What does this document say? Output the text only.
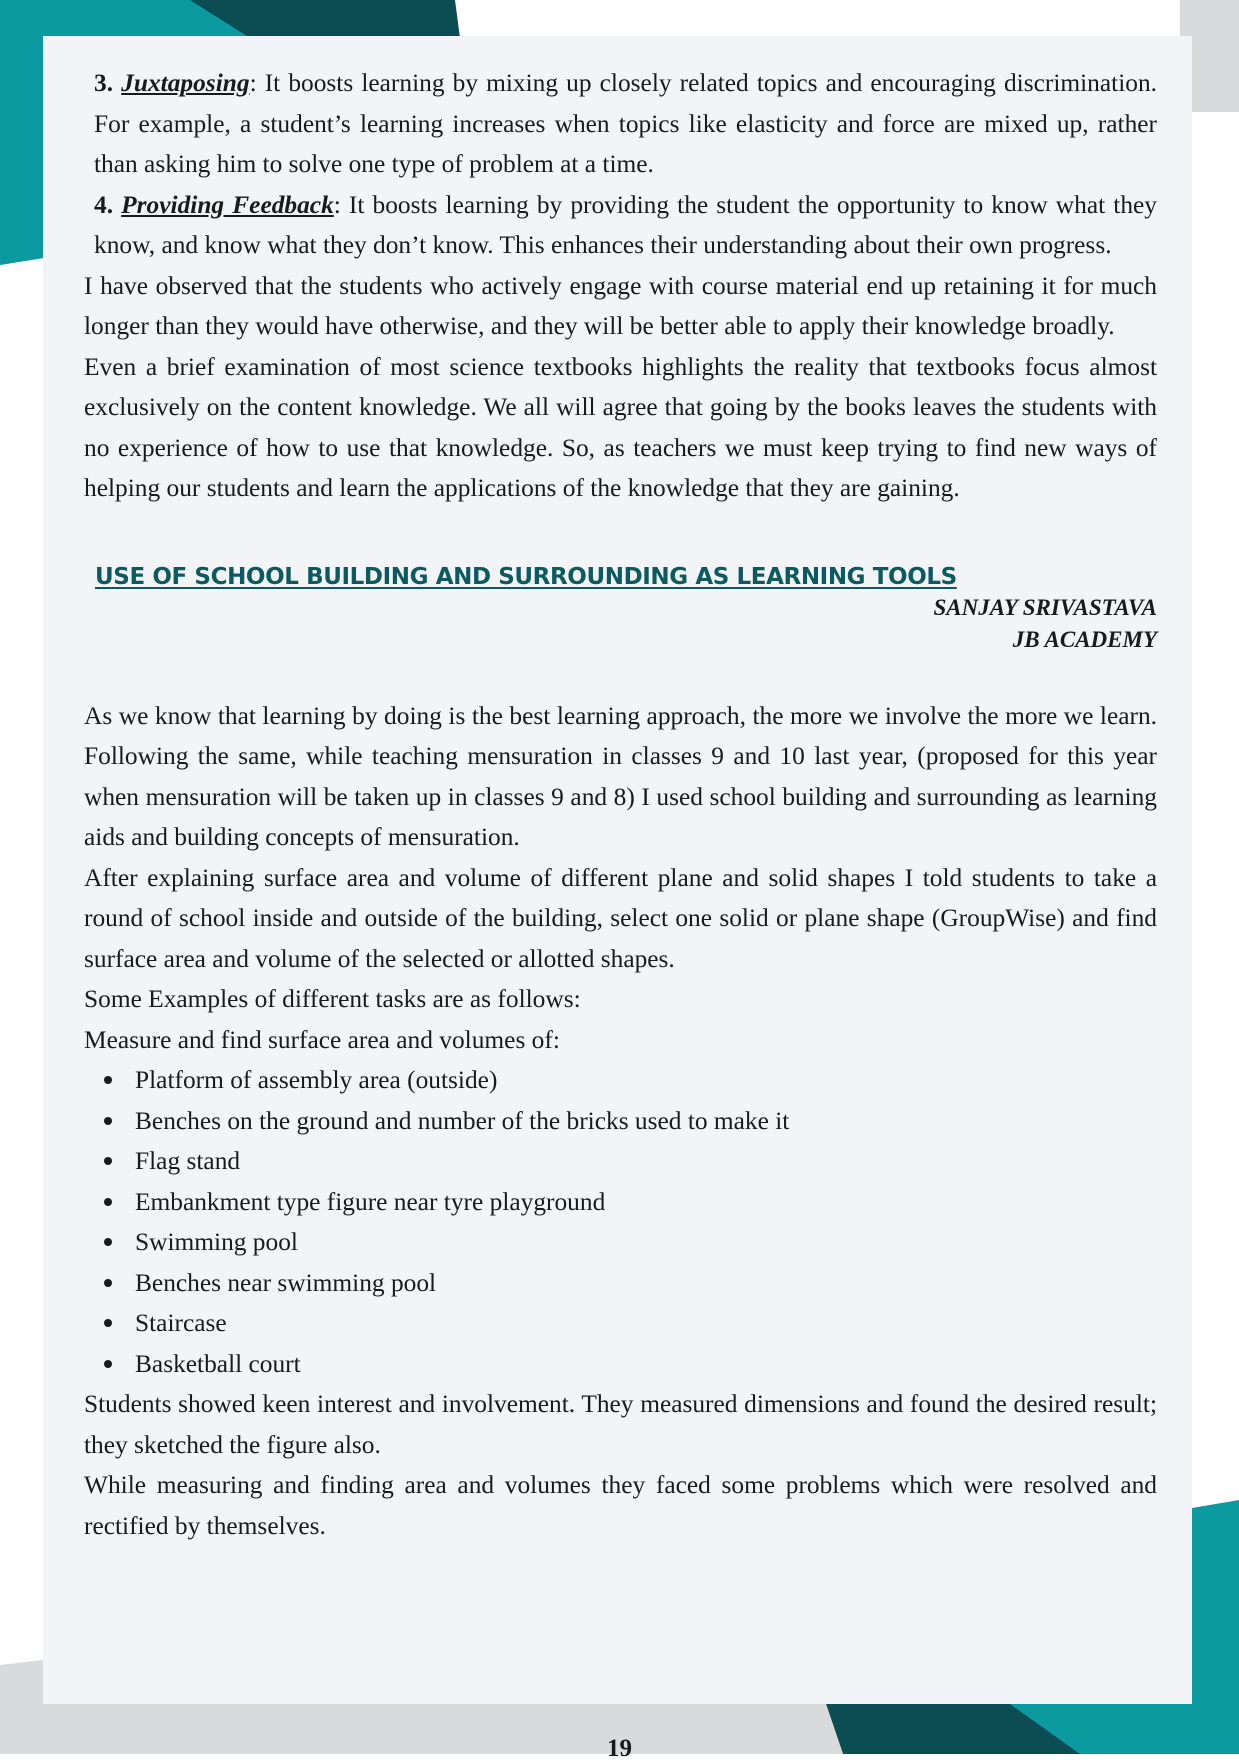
3. Juxtaposing: It boosts learning by mixing up closely related topics and encouraging discrimination. For example, a student’s learning increases when topics like elasticity and force are mixed up, rather than asking him to solve one type of problem at a time.

4. Providing Feedback: It boosts learning by providing the student the opportunity to know what they know, and know what they don’t know. This enhances their understanding about their own progress.

I have observed that the students who actively engage with course material end up retaining it for much longer than they would have otherwise, and they will be better able to apply their knowledge broadly.

Even a brief examination of most science textbooks highlights the reality that textbooks focus almost exclusively on the content knowledge. We all will agree that going by the books leaves the students with no experience of how to use that knowledge. So, as teachers we must keep trying to find new ways of helping our students and learn the applications of the knowledge that they are gaining.

USE OF SCHOOL BUILDING AND SURROUNDING AS LEARNING TOOLS
SANJAY SRIVASTAVA
JB ACADEMY

As we know that learning by doing is the best learning approach, the more we involve the more we learn. Following the same, while teaching mensuration in classes 9 and 10 last year, (proposed for this year when mensuration will be taken up in classes 9 and 8) I used school building and surrounding as learning aids and building concepts of mensuration.

After explaining surface area and volume of different plane and solid shapes I told students to take a round of school inside and outside of the building, select one solid or plane shape (GroupWise) and find surface area and volume of the selected or allotted shapes.

Some Examples of different tasks are as follows:

Measure and find surface area and volumes of:

Platform of assembly area (outside)
Benches on the ground and number of the bricks used to make it
Flag stand
Embankment type figure near tyre playground
Swimming pool
Benches near swimming pool
Staircase
Basketball court

Students showed keen interest and involvement. They measured dimensions and found the desired result; they sketched the figure also.

While measuring and finding area and volumes they faced some problems which were resolved and rectified by themselves.

19
